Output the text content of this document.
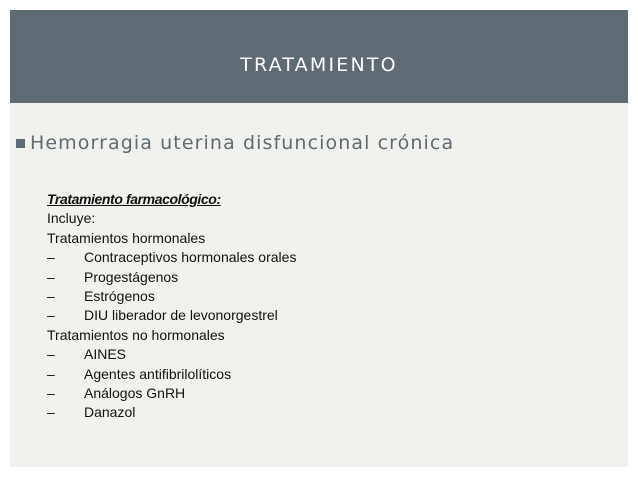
TRATAMIENTO
Hemorragia uterina disfuncional crónica
Tratamiento farmacológico:
Incluye:
Tratamientos hormonales
–	Contraceptivos hormonales orales
–	Progestágenos
–	Estrógenos
–	DIU liberador de levonorgestrel
Tratamientos no hormonales
–	AINES
–	Agentes antifibrilolíticos
–	Análogos GnRH
–	Danazol
